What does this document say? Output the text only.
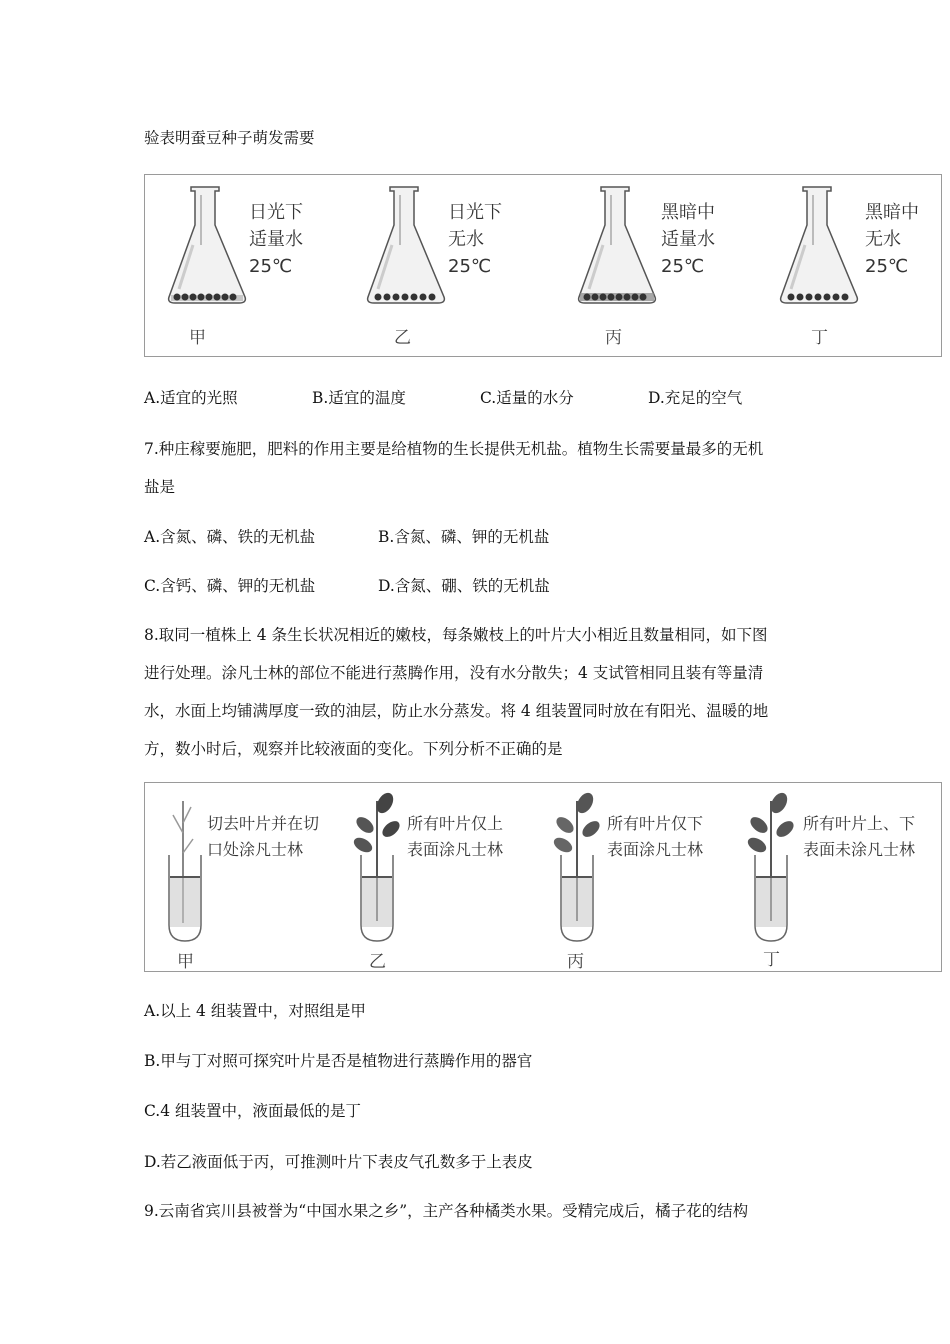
验表明蚕豆种子萌发需要
日光下
适量水
25℃
甲
日光下
无水
25℃
乙
黑暗中
适量水
25℃
丙
黑暗中
无水
25℃
丁
A.适宜的光照	B.适宜的温度	C.适量的水分	D.充足的空气
7.种庄稼要施肥，肥料的作用主要是给植物的生长提供无机盐。植物生长需要量最多的无机
盐是
A.含氮、磷、铁的无机盐	B.含氮、磷、钾的无机盐
C.含钙、磷、钾的无机盐	D.含氮、硼、铁的无机盐
8.取同一植株上 4 条生长状况相近的嫩枝，每条嫩枝上的叶片大小相近且数量相同，如下图
进行处理。涂凡士林的部位不能进行蒸腾作用，没有水分散失；4 支试管相同且装有等量清
水，水面上均铺满厚度一致的油层，防止水分蒸发。将 4 组装置同时放在有阳光、温暖的地
方，数小时后，观察并比较液面的变化。下列分析不正确的是
切去叶片并在切
口处涂凡士林
甲
所有叶片仅上
表面涂凡士林
乙
所有叶片仅下
表面涂凡士林
丙
所有叶片上、下
表面未涂凡士林
丁
A.以上 4 组装置中，对照组是甲
B.甲与丁对照可探究叶片是否是植物进行蒸腾作用的器官
C.4 组装置中，液面最低的是丁
D.若乙液面低于丙，可推测叶片下表皮气孔数多于上表皮
9.云南省宾川县被誉为“中国水果之乡”，主产各种橘类水果。受精完成后，橘子花的结构
